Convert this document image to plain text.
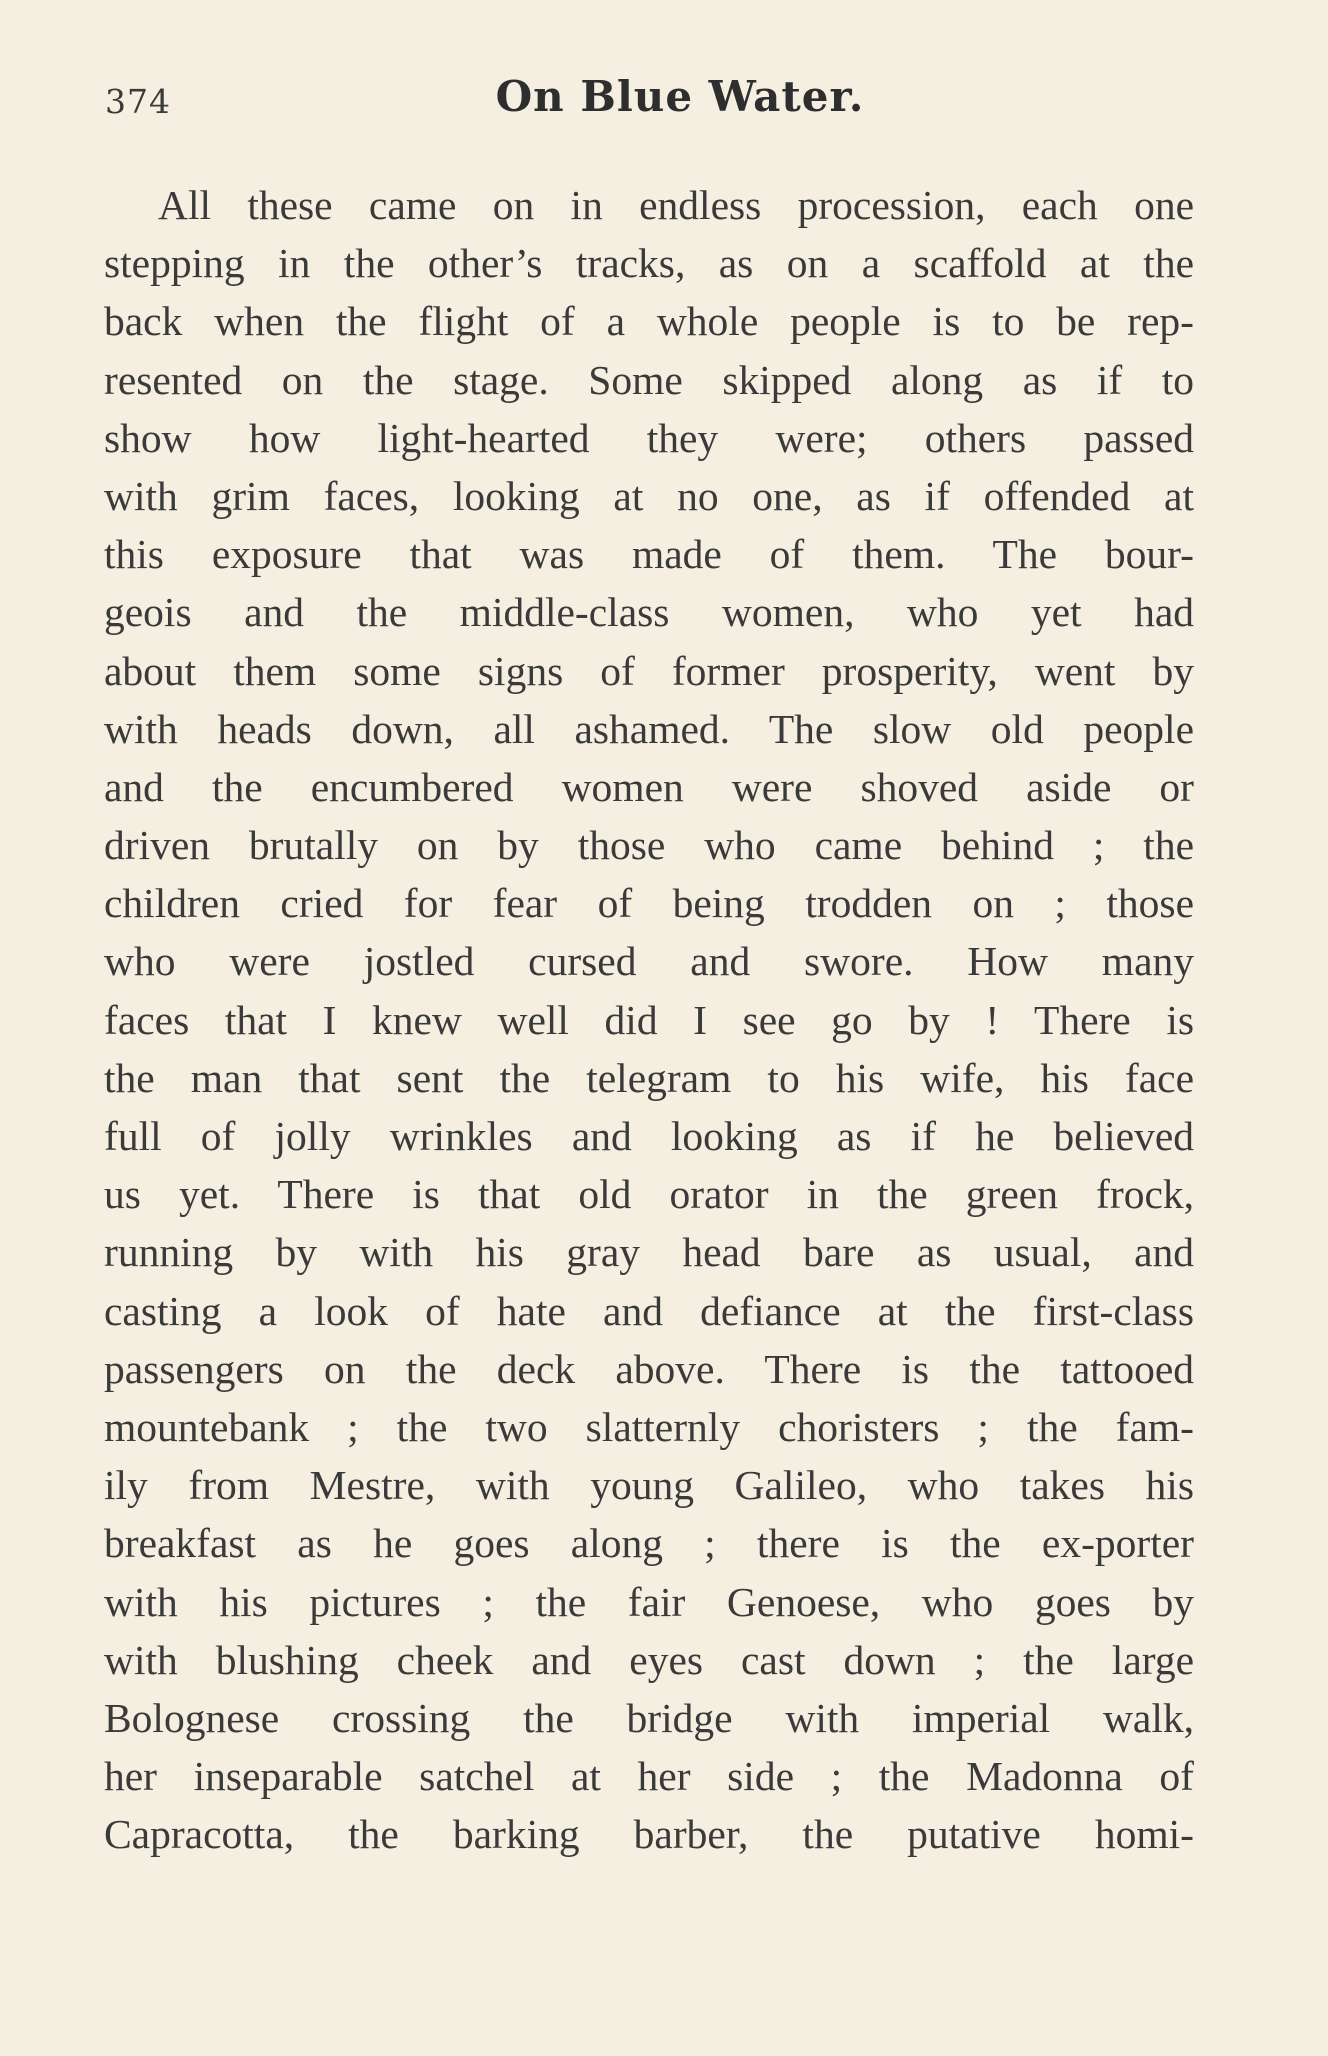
374	On Blue Water.
All these came on in endless procession, each one
stepping in the other’s tracks, as on a scaffold at the
back when the flight of a whole people is to be rep-
resented on the stage. Some skipped along as if to
show how light-hearted they were; others passed
with grim faces, looking at no one, as if offended at
this exposure that was made of them. The bour-
geois and the middle-class women, who yet had
about them some signs of former prosperity, went by
with heads down, all ashamed. The slow old people
and the encumbered women were shoved aside or
driven brutally on by those who came behind ; the
children cried for fear of being trodden on ; those
who were jostled cursed and swore. How many
faces that I knew well did I see go by ! There is
the man that sent the telegram to his wife, his face
full of jolly wrinkles and looking as if he believed
us yet. There is that old orator in the green frock,
running by with his gray head bare as usual, and
casting a look of hate and defiance at the first-class
passengers on the deck above. There is the tattooed
mountebank ; the two slatternly choristers ; the fam-
ily from Mestre, with young Galileo, who takes his
breakfast as he goes along ; there is the ex-porter
with his pictures ; the fair Genoese, who goes by
with blushing cheek and eyes cast down ; the large
Bolognese crossing the bridge with imperial walk,
her inseparable satchel at her side ; the Madonna of
Capracotta, the barking barber, the putative homi-
